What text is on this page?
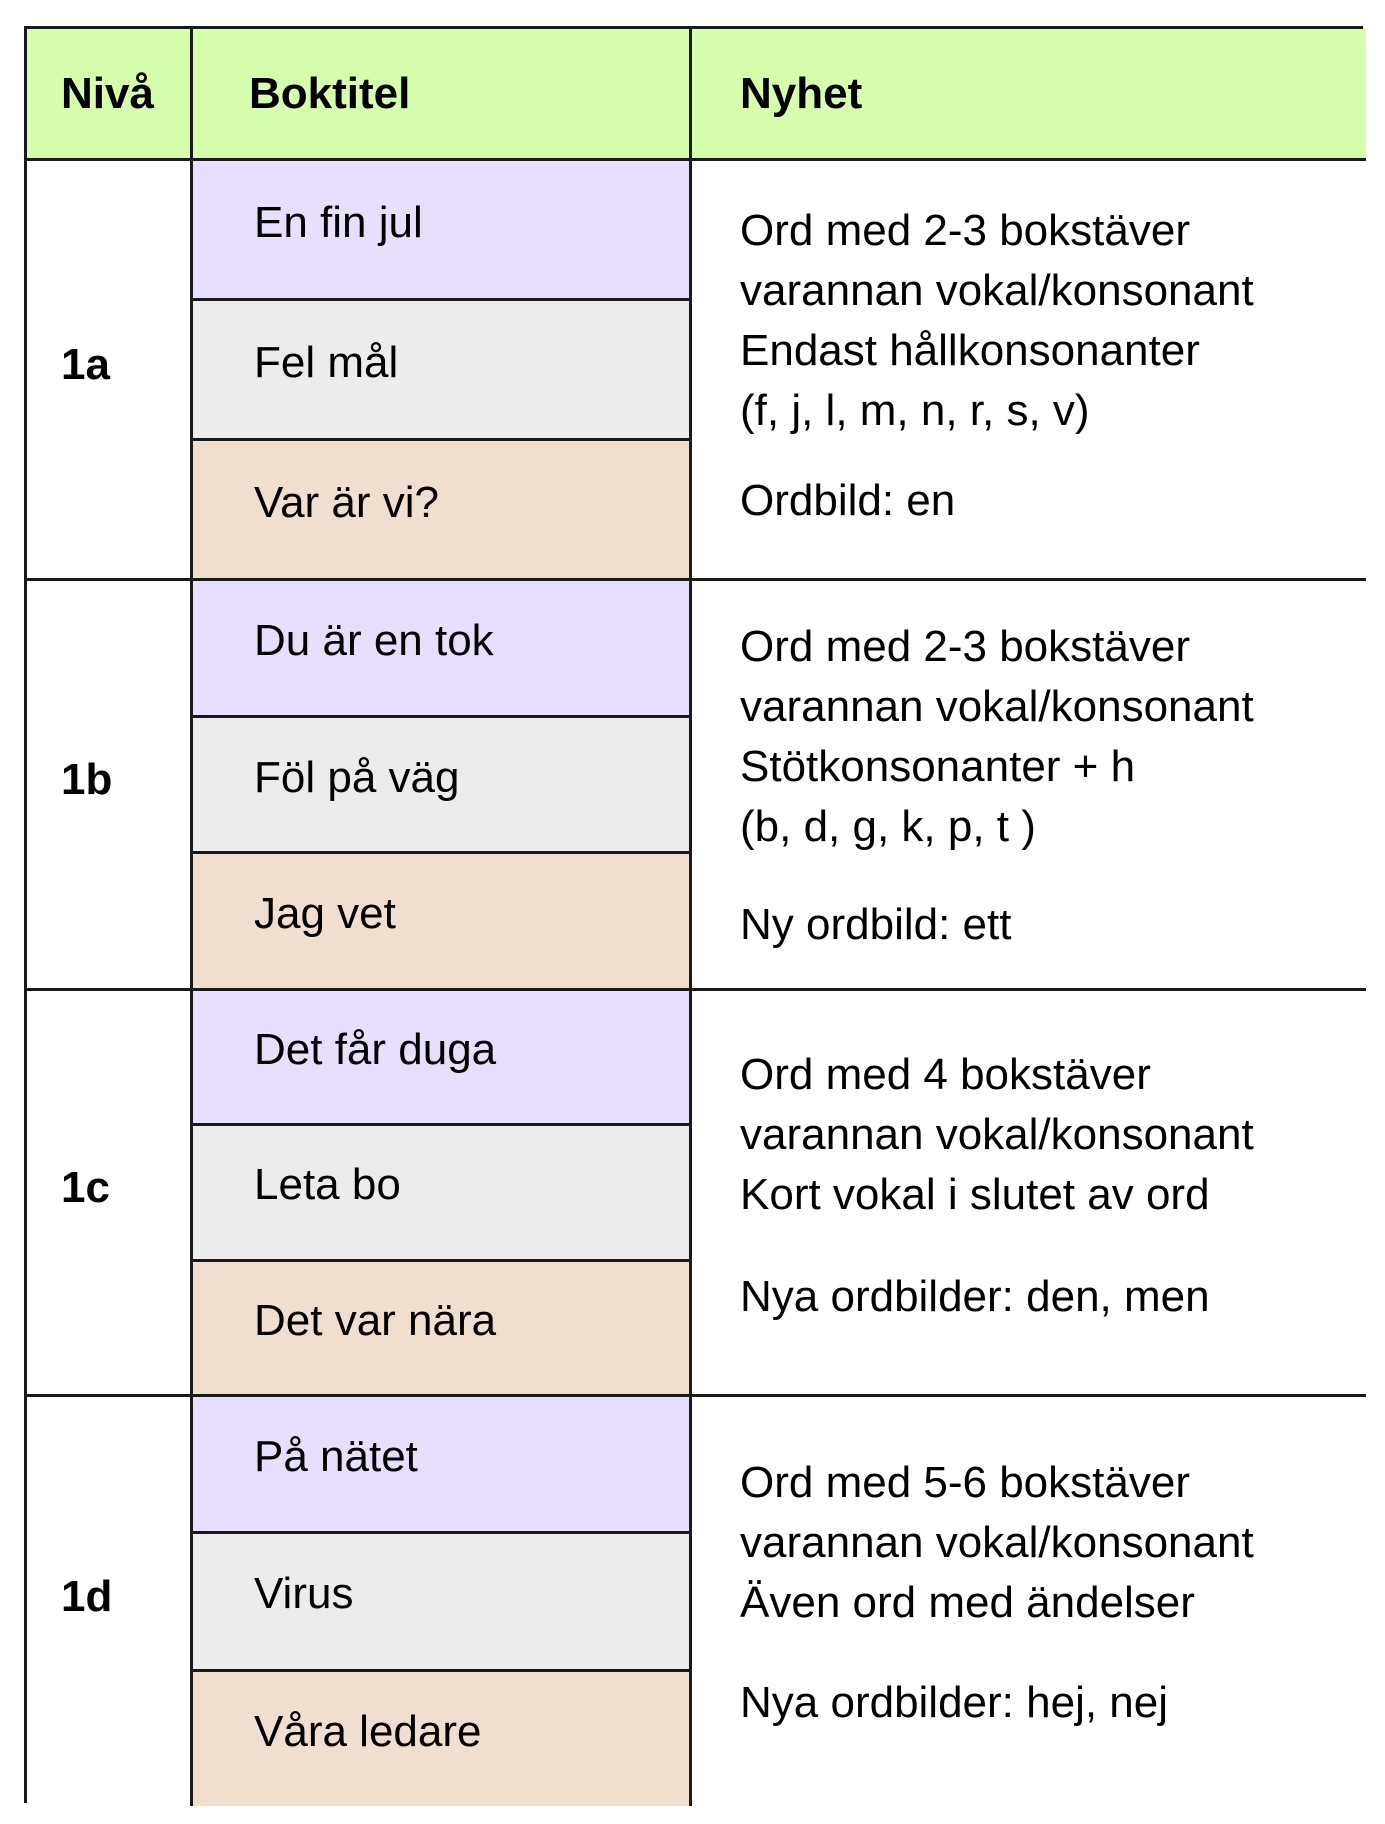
Nivå	Boktitel	Nyhet
1a
En fin jul
Fel mål
Var är vi?
Ord med 2-3 bokstäver
varannan vokal/konsonant
Endast hållkonsonanter
(f, j, l, m, n, r, s, v)
Ordbild: en
1b
Du är en tok
Föl på väg
Jag vet
Ord med 2-3 bokstäver
varannan vokal/konsonant
Stötkonsonanter + h
(b, d, g, k, p, t )
Ny ordbild: ett
1c
Det får duga
Leta bo
Det var nära
Ord med 4 bokstäver
varannan vokal/konsonant
Kort vokal i slutet av ord
Nya ordbilder: den, men
1d
På nätet
Virus
Våra ledare
Ord med 5-6 bokstäver
varannan vokal/konsonant
Även ord med ändelser
Nya ordbilder: hej, nej
